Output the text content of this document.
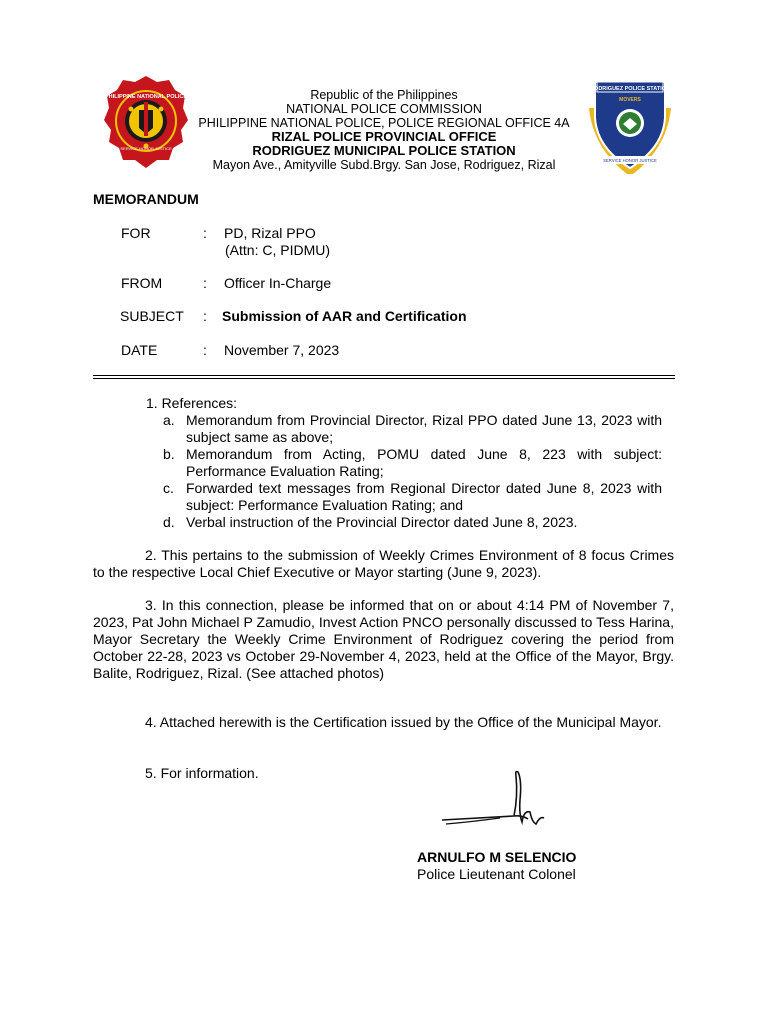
PHILIPPINE NATIONAL POLICE
SERVICE HONOR JUSTICE
RODRIGUEZ POLICE STATION
MOVERS
SERVICE HONOR JUSTICE
Republic of the Philippines
NATIONAL POLICE COMMISSION
PHILIPPINE NATIONAL POLICE, POLICE REGIONAL OFFICE 4A
RIZAL POLICE PROVINCIAL OFFICE
RODRIGUEZ MUNICIPAL POLICE STATION
Mayon Ave., Amityville Subd.Brgy. San Jose, Rodriguez, Rizal
MEMORANDUM
FOR	: PD, Rizal PPO
(Attn: C, PIDMU)
FROM	: Officer In-Charge
SUBJECT : Submission of AAR and Certification
DATE	: November 7, 2023
1. References:
a. Memorandum from Provincial Director, Rizal PPO dated June 13, 2023 with subject same as above;
b. Memorandum from Acting, POMU dated June 8, 223 with subject: Performance Evaluation Rating;
c. Forwarded text messages from Regional Director dated June 8, 2023 with subject: Performance Evaluation Rating; and
d. Verbal instruction of the Provincial Director dated June 8, 2023.
2. This pertains to the submission of Weekly Crimes Environment of 8 focus Crimes to the respective Local Chief Executive or Mayor starting (June 9, 2023).
3. In this connection, please be informed that on or about 4:14 PM of November 7, 2023, Pat John Michael P Zamudio, Invest Action PNCO personally discussed to Tess Harina, Mayor Secretary the Weekly Crime Environment of Rodriguez covering the period from October 22-28, 2023 vs October 29-November 4, 2023, held at the Office of the Mayor, Brgy. Balite, Rodriguez, Rizal. (See attached photos)
4. Attached herewith is the Certification issued by the Office of the Municipal Mayor.
5. For information.
ARNULFO M SELENCIO
Police Lieutenant Colonel
